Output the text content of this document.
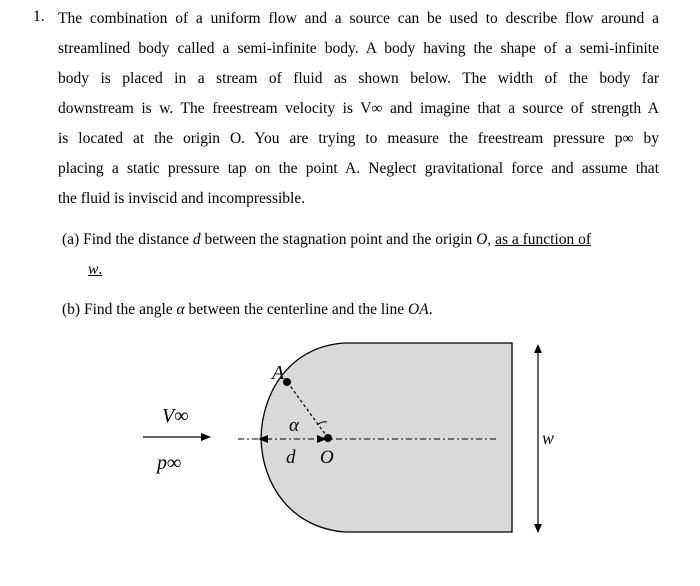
1. The combination of a uniform flow and a source can be used to describe flow around a
streamlined body called a semi-infinite body. A body having the shape of a semi-infinite
body is placed in a stream of fluid as shown below. The width of the body far
downstream is w. The freestream velocity is V∞ and imagine that a source of strength A
is located at the origin O. You are trying to measure the freestream pressure p∞ by
placing a static pressure tap on the point A. Neglect gravitational force and assume that
the fluid is inviscid and incompressible.
(a) Find the distance d between the stagnation point and the origin O, as a function of
w.
(b) Find the angle α between the centerline and the line OA.
V∞
p∞
A
α
d O
w
